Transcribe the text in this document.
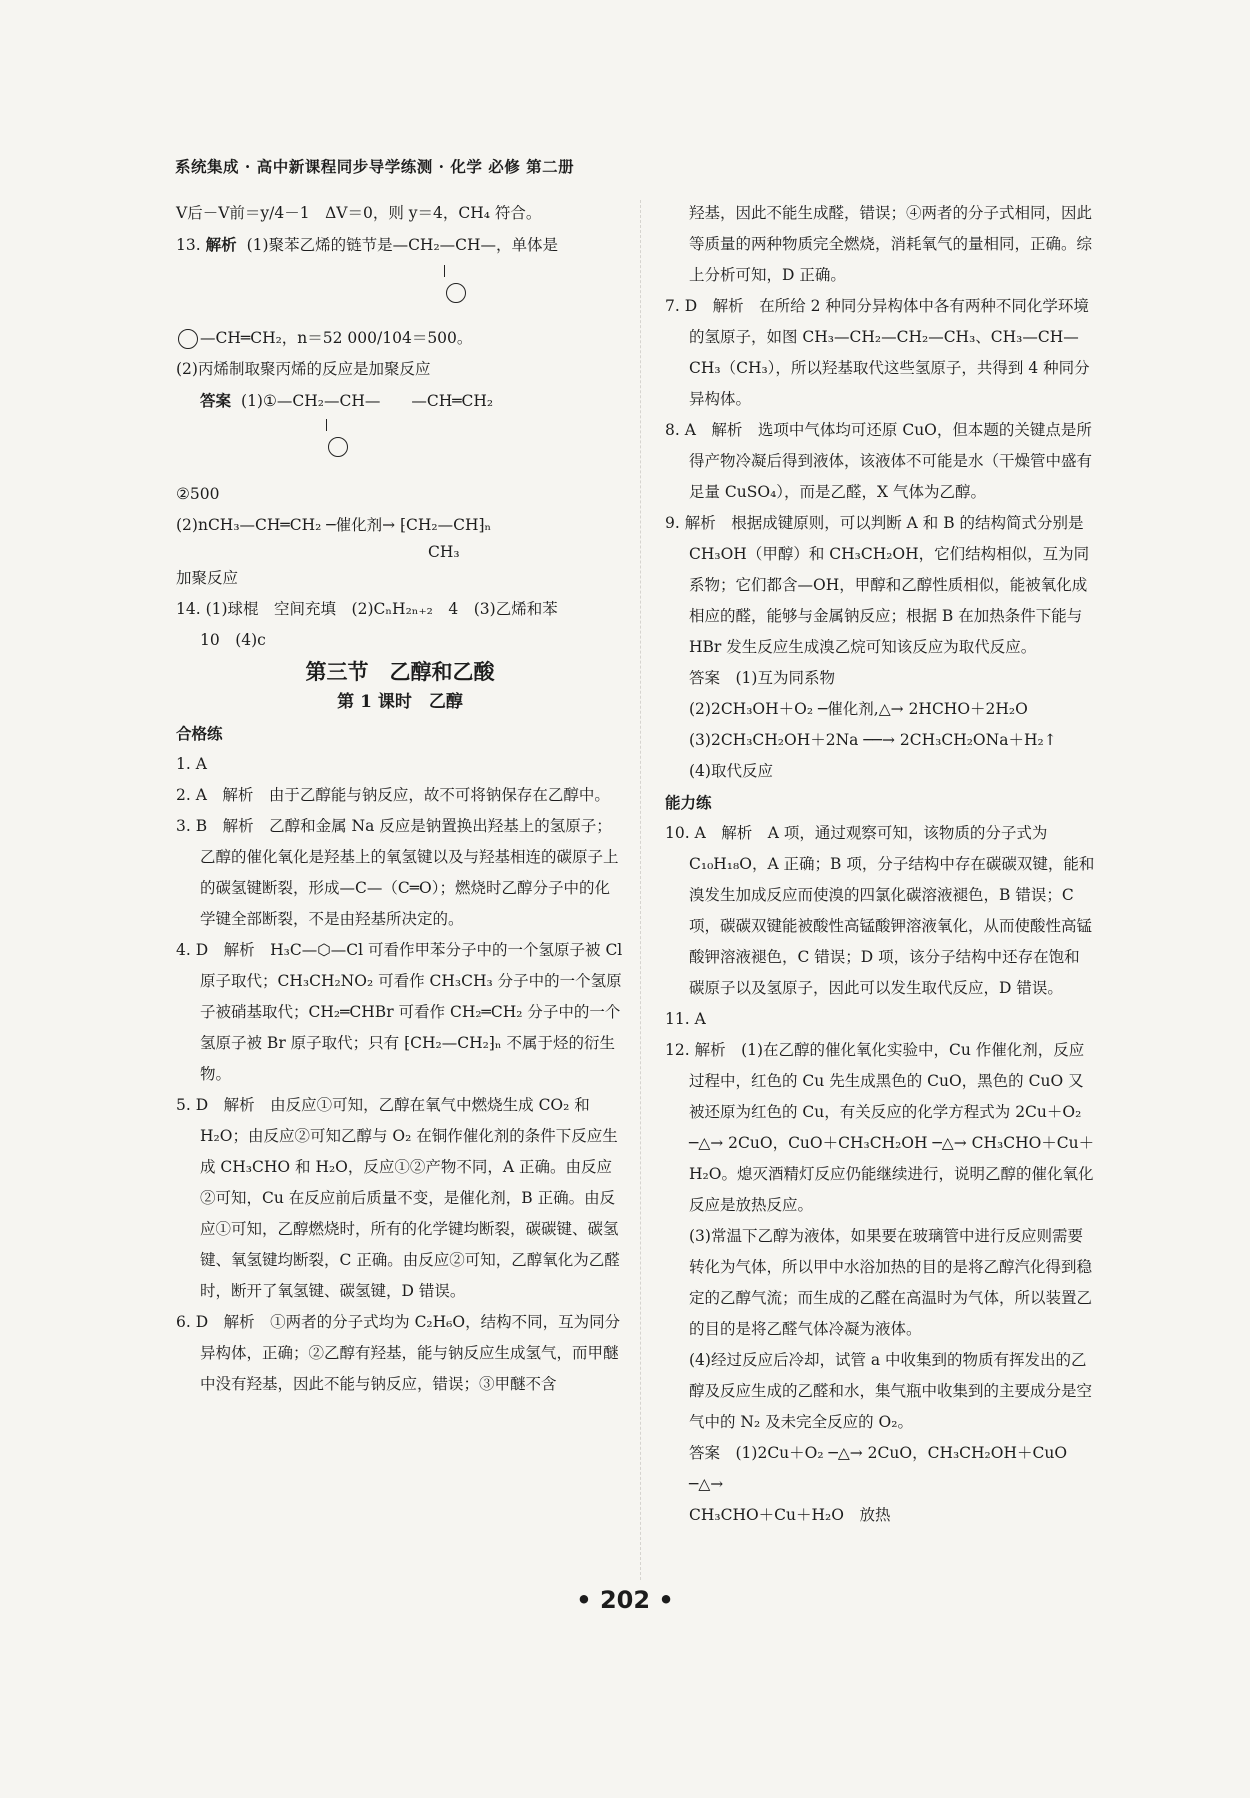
系统集成 · 高中新课程同步导学练测 · 化学 必修 第二册

V后－V前＝y/4－1　ΔV＝0，则 y＝4，CH₄ 符合。

13. 解析 (1)聚苯乙烯的链节是—CH₂—CH—，单体是

—CH═CH₂，n＝52 000/104＝500。

(2)丙烯制取聚丙烯的反应是加聚反应

答案 (1)①—CH₂—CH—　　—CH═CH₂

②500

(2)nCH₃—CH═CH₂ ─催化剂→ ⁅CH₂—CH⁆ₙ

CH₃

加聚反应

14. (1)球棍　空间充填　(2)CₙH₂ₙ₊₂　4　(3)乙烯和苯

10　(4)c

第三节　乙醇和乙酸

第 1 课时　乙醇

合格练

1. A

2. A　解析　由于乙醇能与钠反应，故不可将钠保存在乙醇中。

3. B　解析　乙醇和金属 Na 反应是钠置换出羟基上的氢原子；乙醇的催化氧化是羟基上的氧氢键以及与羟基相连的碳原子上的碳氢键断裂，形成—C—（C═O）；燃烧时乙醇分子中的化学键全部断裂，不是由羟基所决定的。

4. D　解析　H₃C—⬡—Cl 可看作甲苯分子中的一个氢原子被 Cl 原子取代；CH₃CH₂NO₂ 可看作 CH₃CH₃ 分子中的一个氢原子被硝基取代；CH₂═CHBr 可看作 CH₂═CH₂ 分子中的一个氢原子被 Br 原子取代；只有 ⁅CH₂—CH₂⁆ₙ 不属于烃的衍生物。

5. D　解析　由反应①可知，乙醇在氧气中燃烧生成 CO₂ 和 H₂O；由反应②可知乙醇与 O₂ 在铜作催化剂的条件下反应生成 CH₃CHO 和 H₂O，反应①②产物不同，A 正确。由反应②可知，Cu 在反应前后质量不变，是催化剂，B 正确。由反应①可知，乙醇燃烧时，所有的化学键均断裂，碳碳键、碳氢键、氧氢键均断裂，C 正确。由反应②可知，乙醇氧化为乙醛时，断开了氧氢键、碳氢键，D 错误。

6. D　解析　①两者的分子式均为 C₂H₆O，结构不同，互为同分异构体，正确；②乙醇有羟基，能与钠反应生成氢气，而甲醚中没有羟基，因此不能与钠反应，错误；③甲醚不含

羟基，因此不能生成醛，错误；④两者的分子式相同，因此等质量的两种物质完全燃烧，消耗氧气的量相同，正确。综上分析可知，D 正确。

7. D　解析　在所给 2 种同分异构体中各有两种不同化学环境的氢原子，如图 CH₃—CH₂—CH₂—CH₃、CH₃—CH—CH₃（CH₃），所以羟基取代这些氢原子，共得到 4 种同分异构体。

8. A　解析　选项中气体均可还原 CuO，但本题的关键点是所得产物冷凝后得到液体，该液体不可能是水（干燥管中盛有足量 CuSO₄），而是乙醛，X 气体为乙醇。

9. 解析　根据成键原则，可以判断 A 和 B 的结构简式分别是 CH₃OH（甲醇）和 CH₃CH₂OH，它们结构相似，互为同系物；它们都含—OH，甲醇和乙醇性质相似，能被氧化成相应的醛，能够与金属钠反应；根据 B 在加热条件下能与 HBr 发生反应生成溴乙烷可知该反应为取代反应。

答案　(1)互为同系物

(2)2CH₃OH＋O₂ ─催化剂,△→ 2HCHO＋2H₂O

(3)2CH₃CH₂OH＋2Na ──→ 2CH₃CH₂ONa＋H₂↑

(4)取代反应

能力练

10. A　解析　A 项，通过观察可知，该物质的分子式为 C₁₀H₁₈O，A 正确；B 项，分子结构中存在碳碳双键，能和溴发生加成反应而使溴的四氯化碳溶液褪色，B 错误；C 项，碳碳双键能被酸性高锰酸钾溶液氧化，从而使酸性高锰酸钾溶液褪色，C 错误；D 项，该分子结构中还存在饱和碳原子以及氢原子，因此可以发生取代反应，D 错误。

11. A

12. 解析　(1)在乙醇的催化氧化实验中，Cu 作催化剂，反应过程中，红色的 Cu 先生成黑色的 CuO，黑色的 CuO 又被还原为红色的 Cu，有关反应的化学方程式为 2Cu＋O₂ ─△→ 2CuO，CuO＋CH₃CH₂OH ─△→ CH₃CHO＋Cu＋H₂O。熄灭酒精灯反应仍能继续进行，说明乙醇的催化氧化反应是放热反应。

(3)常温下乙醇为液体，如果要在玻璃管中进行反应则需要转化为气体，所以甲中水浴加热的目的是将乙醇汽化得到稳定的乙醇气流；而生成的乙醛在高温时为气体，所以装置乙的目的是将乙醛气体冷凝为液体。

(4)经过反应后冷却，试管 a 中收集到的物质有挥发出的乙醇及反应生成的乙醛和水，集气瓶中收集到的主要成分是空气中的 N₂ 及未完全反应的 O₂。

答案　(1)2Cu＋O₂ ─△→ 2CuO，CH₃CH₂OH＋CuO ─△→

CH₃CHO＋Cu＋H₂O　放热

• 202 •
